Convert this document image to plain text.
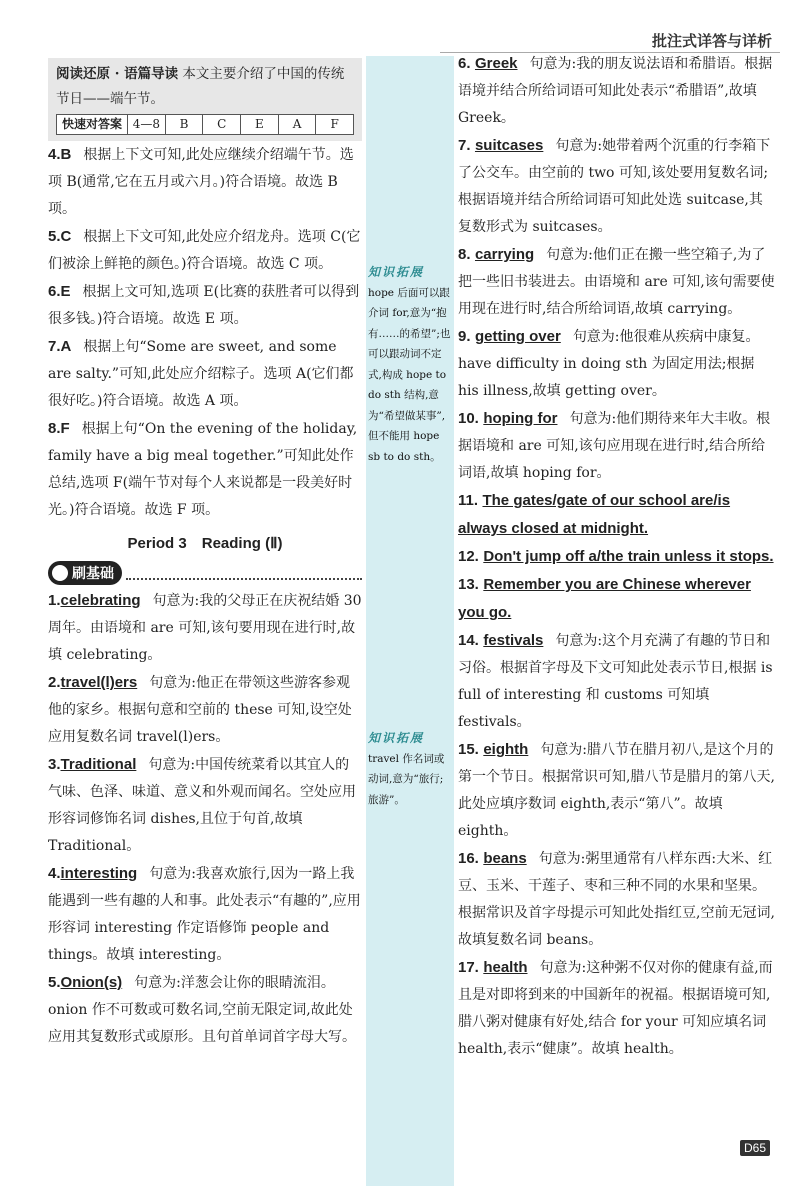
批注式详答与详析
阅读还原 · 语篇导读 本文主要介绍了中国的传统节日——端午节。
快速对答案 4—8	B	C	E	A	F

4.B 根据上下文可知,此处应继续介绍端午节。选项 B(通常,它在五月或六月。)符合语境。故选 B 项。

5.C 根据上下文可知,此处应介绍龙舟。选项 C(它们被涂上鲜艳的颜色。)符合语境。故选 C 项。

6.E 根据上文可知,选项 E(比赛的获胜者可以得到很多钱。)符合语境。故选 E 项。

7.A 根据上句“Some are sweet, and some are salty.”可知,此处应介绍粽子。选项 A(它们都很好吃。)符合语境。故选 A 项。

8.F 根据上句“On the evening of the holiday, family have a big meal together.”可知此处作总结,选项 F(端午节对每个人来说都是一段美好时光。)符合语境。故选 F 项。

Period 3　Reading (Ⅱ)
刷基础

1.celebrating 句意为:我的父母正在庆祝结婚 30 周年。由语境和 are 可知,该句要用现在进行时,故填 celebrating。

2.travel(l)ers 句意为:他正在带领这些游客参观他的家乡。根据句意和空前的 these 可知,设空处应用复数名词 travel(l)ers。

3.Traditional 句意为:中国传统菜肴以其宜人的气味、色泽、味道、意义和外观而闻名。空处应用形容词修饰名词 dishes,且位于句首,故填 Traditional。

4.interesting 句意为:我喜欢旅行,因为一路上我能遇到一些有趣的人和事。此处表示“有趣的”,应用形容词 interesting 作定语修饰 people and things。故填 interesting。

5.Onion(s) 句意为:洋葱会让你的眼睛流泪。onion 作不可数或可数名词,空前无限定词,故此处应用其复数形式或原形。且句首单词首字母大写。

知识拓展
hope 后面可以跟介词 for,意为“抱有……的希望”;也可以跟动词不定式,构成 hope to do sth 结构,意为“希望做某事”,但不能用 hope sb to do sth。
知识拓展
travel 作名词或动词,意为“旅行;旅游”。

6. Greek 句意为:我的朋友说法语和希腊语。根据语境并结合所给词语可知此处表示“希腊语”,故填 Greek。

7. suitcases 句意为:她带着两个沉重的行李箱下了公交车。由空前的 two 可知,该处要用复数名词;根据语境并结合所给词语可知此处选 suitcase,其复数形式为 suitcases。

8. carrying 句意为:他们正在搬一些空箱子,为了把一些旧书装进去。由语境和 are 可知,该句需要使用现在进行时,结合所给词语,故填 carrying。

9. getting over 句意为:他很难从疾病中康复。have difficulty in doing sth 为固定用法;根据 his illness,故填 getting over。

10. hoping for 句意为:他们期待来年大丰收。根据语境和 are 可知,该句应用现在进行时,结合所给词语,故填 hoping for。

11. The gates/gate of our school are/is always closed at midnight.

12. Don't jump off a/the train unless it stops.

13. Remember you are Chinese wherever you go.

14. festivals 句意为:这个月充满了有趣的节日和习俗。根据首字母及下文可知此处表示节日,根据 is full of interesting 和 customs 可知填 festivals。

15. eighth 句意为:腊八节在腊月初八,是这个月的第一个节日。根据常识可知,腊八节是腊月的第八天,此处应填序数词 eighth,表示“第八”。故填 eighth。

16. beans 句意为:粥里通常有八样东西:大米、红豆、玉米、干莲子、枣和三种不同的水果和坚果。根据常识及首字母提示可知此处指红豆,空前无冠词,故填复数名词 beans。

17. health 句意为:这种粥不仅对你的健康有益,而且是对即将到来的中国新年的祝福。根据语境可知,腊八粥对健康有好处,结合 for your 可知应填名词 health,表示“健康”。故填 health。

D65
